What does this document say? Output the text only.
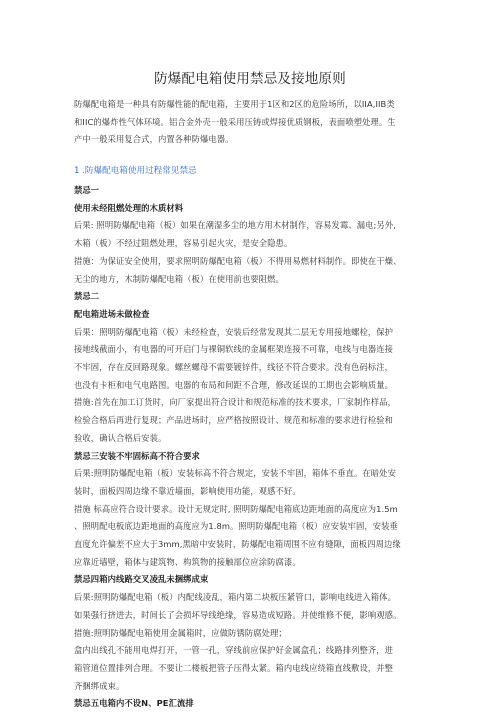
防爆配电箱使用禁忌及接地原则

防爆配电箱是一种具有防爆性能的配电箱，主要用于1区和2区的危险场所，以IIA,IIB类

和IIC的爆炸性气体环境。铝合金外壳一般采用压铸或焊接优质钢板，表面喷塑处理。生

产中一般采用复合式，内置各种防爆电器。

1 .防爆配电箱使用过程常见禁忌

禁忌一

使用未经阻燃处理的木质材料

后果: 照明防爆配电箱（板）如果在潮湿多尘的地方用木材制作，容易发霉、漏电;另外,

木箱（板）不经过阻燃处理，容易引起火灾，是安全隐患。

措施：为保证安全使用，要求照明防爆配电箱（板）不得用易燃材料制作。即使在干燥、

无尘的地方，木制防爆配电箱（板）在使用前也要阻燃。

禁忌二

配电箱进场未做检查

后果：照明防爆配电箱（板）未经检查，安装后经常发现其二层无专用接地螺栓，保护

接地线截面小，有电器的可开启门与裸铜软线的金属框架连接不可靠，电线与电器连接

不牢固，存在反回路现象。螺丝螺母不需要镀锌件，线径不符合要求。没有色码标注，

也没有卡柜和电气电路图。电器的布局和间距不合理，修改延误的工期也会影响质量。

措施:首先在加工订货时，向厂家提出符合设计和规范标准的技术要求，厂家制作样品，

检验合格后再进行复现；产品进场时，应严格按照设计、规范和标准的要求进行检验和

验收，确认合格后安装。

禁忌三安装不牢固标高不符合要求

后果:照明防爆配电箱（板）安装标高不符合规定，安装不牢固，箱体不垂直。在暗处安

装时，面板四周边缘不靠近墙面，影响使用功能，观感不好。

措施 标高应符合设计要求。设计无规定时, 照明防爆配电箱底边距地面的高度应为1.5m

、照明配电板底边距地面的高度应为1.8m。照明防爆配电箱（板）应安装牢固，安装垂

直度允许偏差不应大于3mm,黑暗中安装时，防爆配电箱周围不应有缝隙，面板四周边缘

应靠近墙壁，箱体与建筑物、构筑物的接触部位应涂防腐漆。

禁忌四箱内线路交叉凌乱未捆绑成束

后果:照明防爆配电箱（板）内配线凌乱，箱内第二块板压紧管口，影响电线进入箱体。

如果强行挤进去，时间长了会损坏导线绝缘，容易造成短路。并使维修不便，影响观感。

措施:照明防爆配电箱使用金属箱时，应做防锈防腐处理；

盒内出线孔不能用电焊打开，一管一孔，穿线前应保护好金属盒孔；线路排列整齐，进

箱管道位置排列合理。不要让二楼板把管子压得太紧。箱内电线应绕箱直线敷设，并整

齐捆绑成束。

禁忌五电箱内不设N、PE汇流排
